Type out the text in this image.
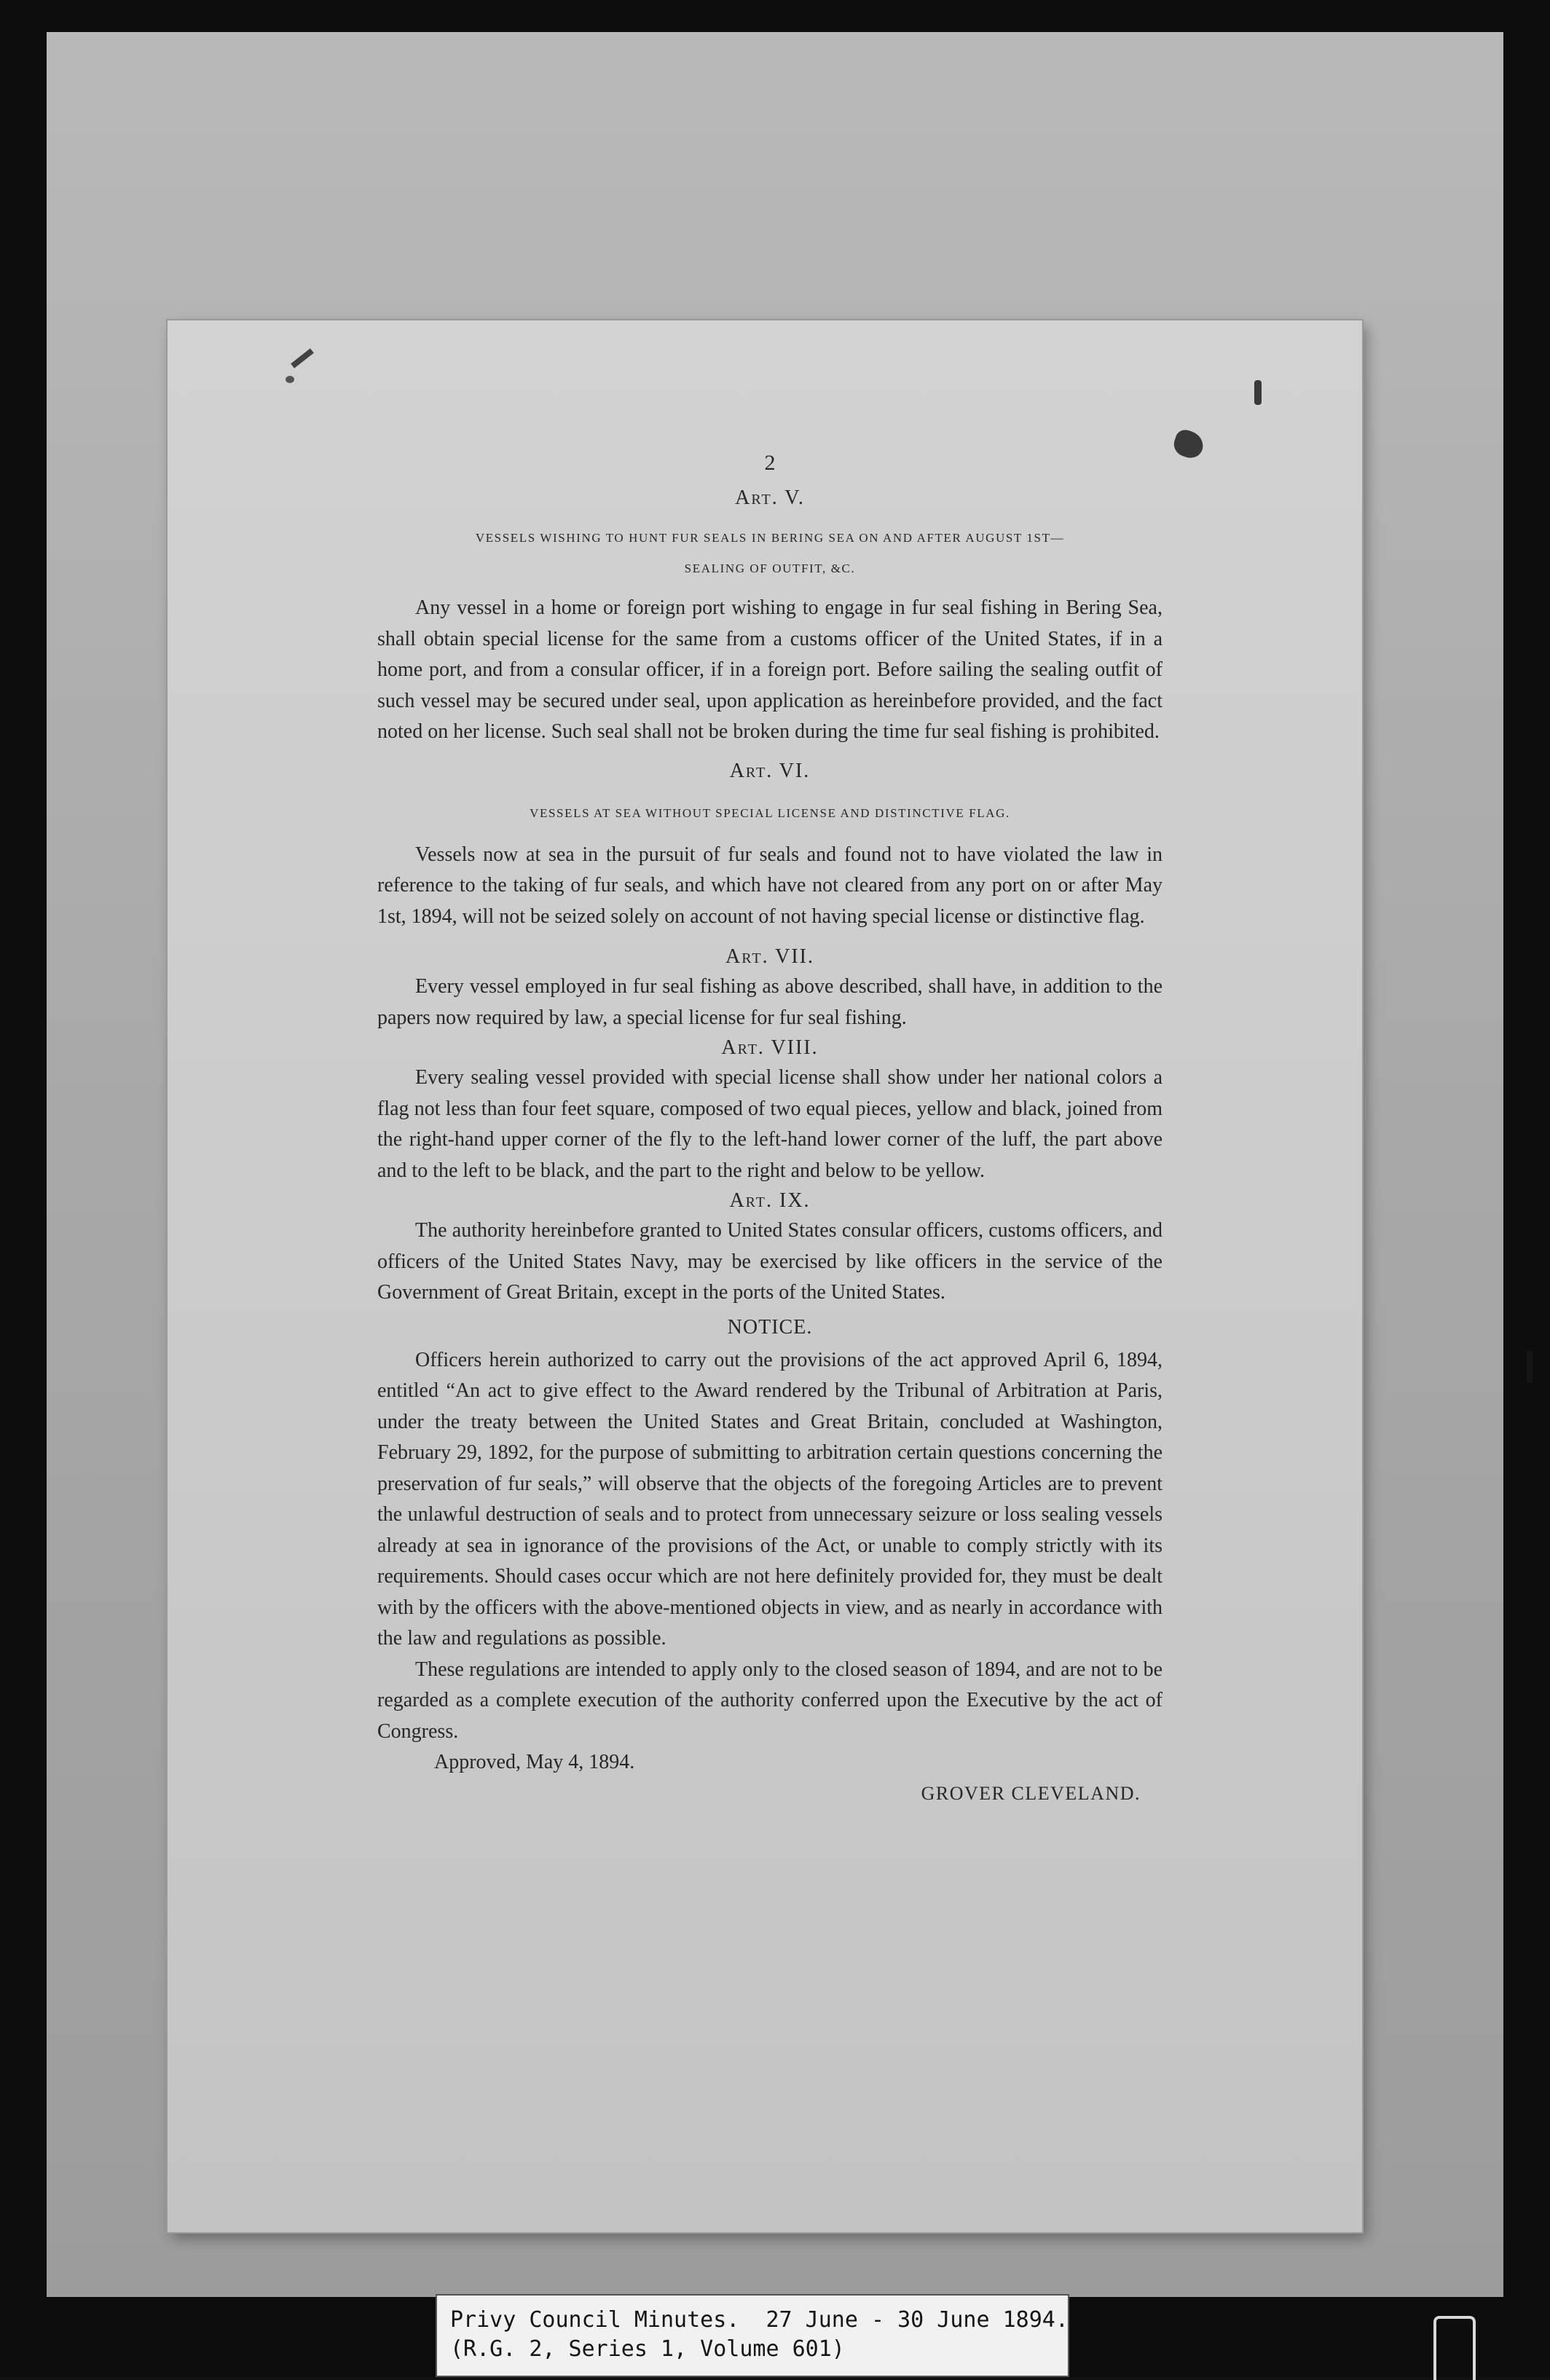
2

Art. V.

VESSELS WISHING TO HUNT FUR SEALS IN BERING SEA ON AND AFTER AUGUST 1ST—
SEALING OF OUTFIT, &C.

Any vessel in a home or foreign port wishing to engage in fur seal fishing in Bering Sea, shall obtain special license for the same from a customs officer of the United States, if in a home port, and from a consular officer, if in a foreign port. Before sailing the sealing outfit of such vessel may be secured under seal, upon application as hereinbefore provided, and the fact noted on her license. Such seal shall not be broken during the time fur seal fishing is prohibited.

Art. VI.

VESSELS AT SEA WITHOUT SPECIAL LICENSE AND DISTINCTIVE FLAG.

Vessels now at sea in the pursuit of fur seals and found not to have violated the law in reference to the taking of fur seals, and which have not cleared from any port on or after May 1st, 1894, will not be seized solely on account of not having special license or distinctive flag.

Art. VII.

Every vessel employed in fur seal fishing as above described, shall have, in addition to the papers now required by law, a special license for fur seal fishing.

Art. VIII.

Every sealing vessel provided with special license shall show under her national colors a flag not less than four feet square, composed of two equal pieces, yellow and black, joined from the right-hand upper corner of the fly to the left-hand lower corner of the luff, the part above and to the left to be black, and the part to the right and below to be yellow.

Art. IX.

The authority hereinbefore granted to United States consular officers, customs officers, and officers of the United States Navy, may be exercised by like officers in the service of the Government of Great Britain, except in the ports of the United States.

NOTICE.

Officers herein authorized to carry out the provisions of the act approved April 6, 1894, entitled “An act to give effect to the Award rendered by the Tribunal of Arbitration at Paris, under the treaty between the United States and Great Britain, concluded at Washington, February 29, 1892, for the purpose of submitting to arbitration certain questions concerning the preservation of fur seals,” will observe that the objects of the foregoing Articles are to prevent the unlawful destruction of seals and to protect from unnecessary seizure or loss sealing vessels already at sea in ignorance of the provisions of the Act, or unable to comply strictly with its requirements. Should cases occur which are not here definitely provided for, they must be dealt with by the officers with the above-mentioned objects in view, and as nearly in accordance with the law and regulations as possible.

These regulations are intended to apply only to the closed season of 1894, and are not to be regarded as a complete execution of the authority conferred upon the Executive by the act of Congress.

Approved, May 4, 1894.

GROVER CLEVELAND.

Privy Council Minutes.  27 June - 30 June 1894.
(R.G. 2, Series 1, Volume 601)
